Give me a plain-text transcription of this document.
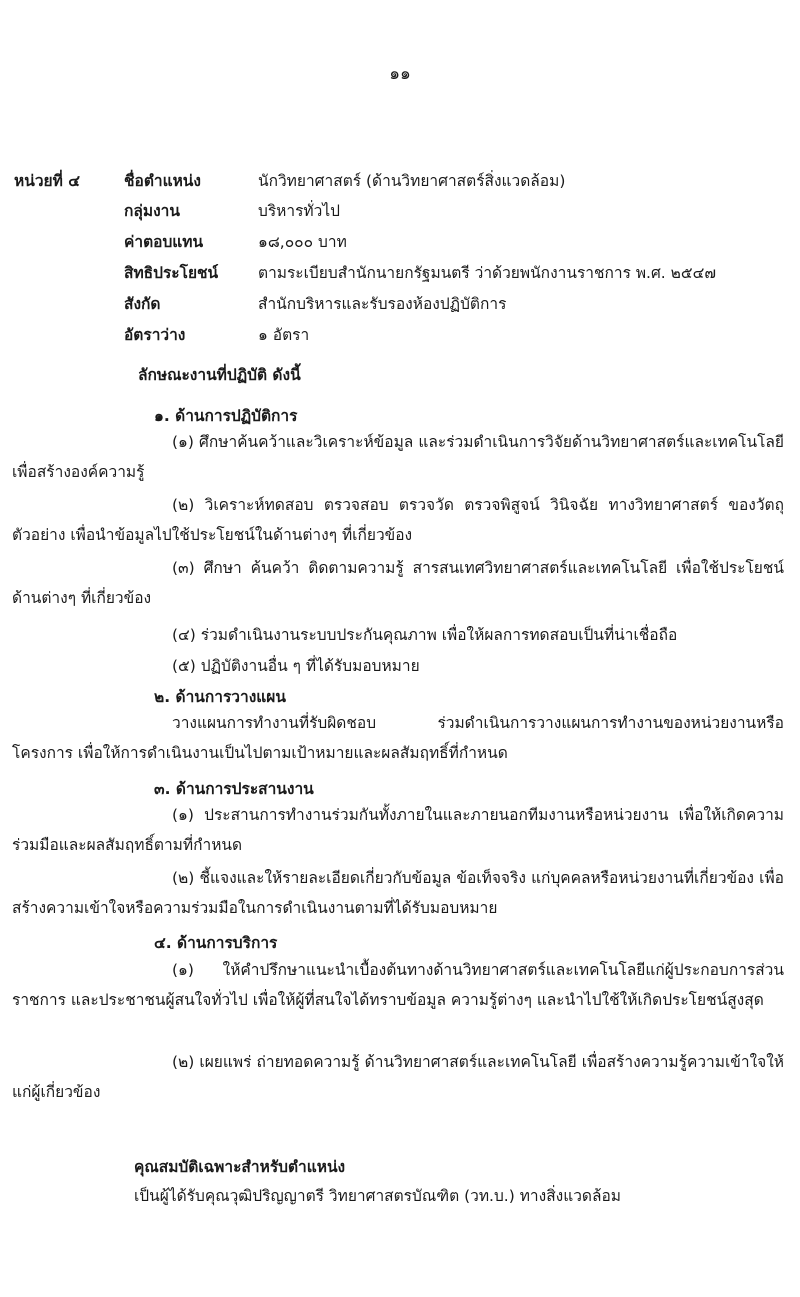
๑๑
หน่วยที่ ๔	ชื่อตำแหน่ง	นักวิทยาศาสตร์ (ด้านวิทยาศาสตร์สิ่งแวดล้อม)
กลุ่มงาน	บริหารทั่วไป
ค่าตอบแทน	๑๘,๐๐๐ บาท
สิทธิประโยชน์	ตามระเบียบสำนักนายกรัฐมนตรี ว่าด้วยพนักงานราชการ พ.ศ. ๒๕๔๗
สังกัด	สำนักบริหารและรับรองห้องปฏิบัติการ
อัตราว่าง	๑ อัตรา
ลักษณะงานที่ปฏิบัติ ดังนี้
๑. ด้านการปฏิบัติการ
(๑) ศึกษาค้นคว้าและวิเคราะห์ข้อมูล และร่วมดำเนินการวิจัยด้านวิทยาศาสตร์และเทคโนโลยี เพื่อสร้างองค์ความรู้
(๒) วิเคราะห์ทดสอบ ตรวจสอบ ตรวจวัด ตรวจพิสูจน์ วินิจฉัย ทางวิทยาศาสตร์ ของวัตถุตัวอย่าง เพื่อนำข้อมูลไปใช้ประโยชน์ในด้านต่างๆ ที่เกี่ยวข้อง
(๓) ศึกษา ค้นคว้า ติดตามความรู้ สารสนเทศวิทยาศาสตร์และเทคโนโลยี เพื่อใช้ประโยชน์ด้านต่างๆ ที่เกี่ยวข้อง
(๔) ร่วมดำเนินงานระบบประกันคุณภาพ เพื่อให้ผลการทดสอบเป็นที่น่าเชื่อถือ
(๕) ปฏิบัติงานอื่น ๆ ที่ได้รับมอบหมาย
๒. ด้านการวางแผน
วางแผนการทำงานที่รับผิดชอบ ร่วมดำเนินการวางแผนการทำงานของหน่วยงานหรือโครงการ เพื่อให้การดำเนินงานเป็นไปตามเป้าหมายและผลสัมฤทธิ์ที่กำหนด
๓. ด้านการประสานงาน
(๑) ประสานการทำงานร่วมกันทั้งภายในและภายนอกทีมงานหรือหน่วยงาน เพื่อให้เกิดความร่วมมือและผลสัมฤทธิ์ตามที่กำหนด
(๒) ชี้แจงและให้รายละเอียดเกี่ยวกับข้อมูล ข้อเท็จจริง แก่บุคคลหรือหน่วยงานที่เกี่ยวข้อง เพื่อสร้างความเข้าใจหรือความร่วมมือในการดำเนินงานตามที่ได้รับมอบหมาย
๔. ด้านการบริการ
(๑) ให้คำปรึกษาแนะนำเบื้องต้นทางด้านวิทยาศาสตร์และเทคโนโลยีแก่ผู้ประกอบการส่วนราชการ และประชาชนผู้สนใจทั่วไป เพื่อให้ผู้ที่สนใจได้ทราบข้อมูล ความรู้ต่างๆ และนำไปใช้ให้เกิดประโยชน์สูงสุด
(๒) เผยแพร่ ถ่ายทอดความรู้ ด้านวิทยาศาสตร์และเทคโนโลยี เพื่อสร้างความรู้ความเข้าใจให้แก่ผู้เกี่ยวข้อง
คุณสมบัติเฉพาะสำหรับตำแหน่ง
เป็นผู้ได้รับคุณวุฒิปริญญาตรี วิทยาศาสตรบัณฑิต (วท.บ.) ทางสิ่งแวดล้อม
